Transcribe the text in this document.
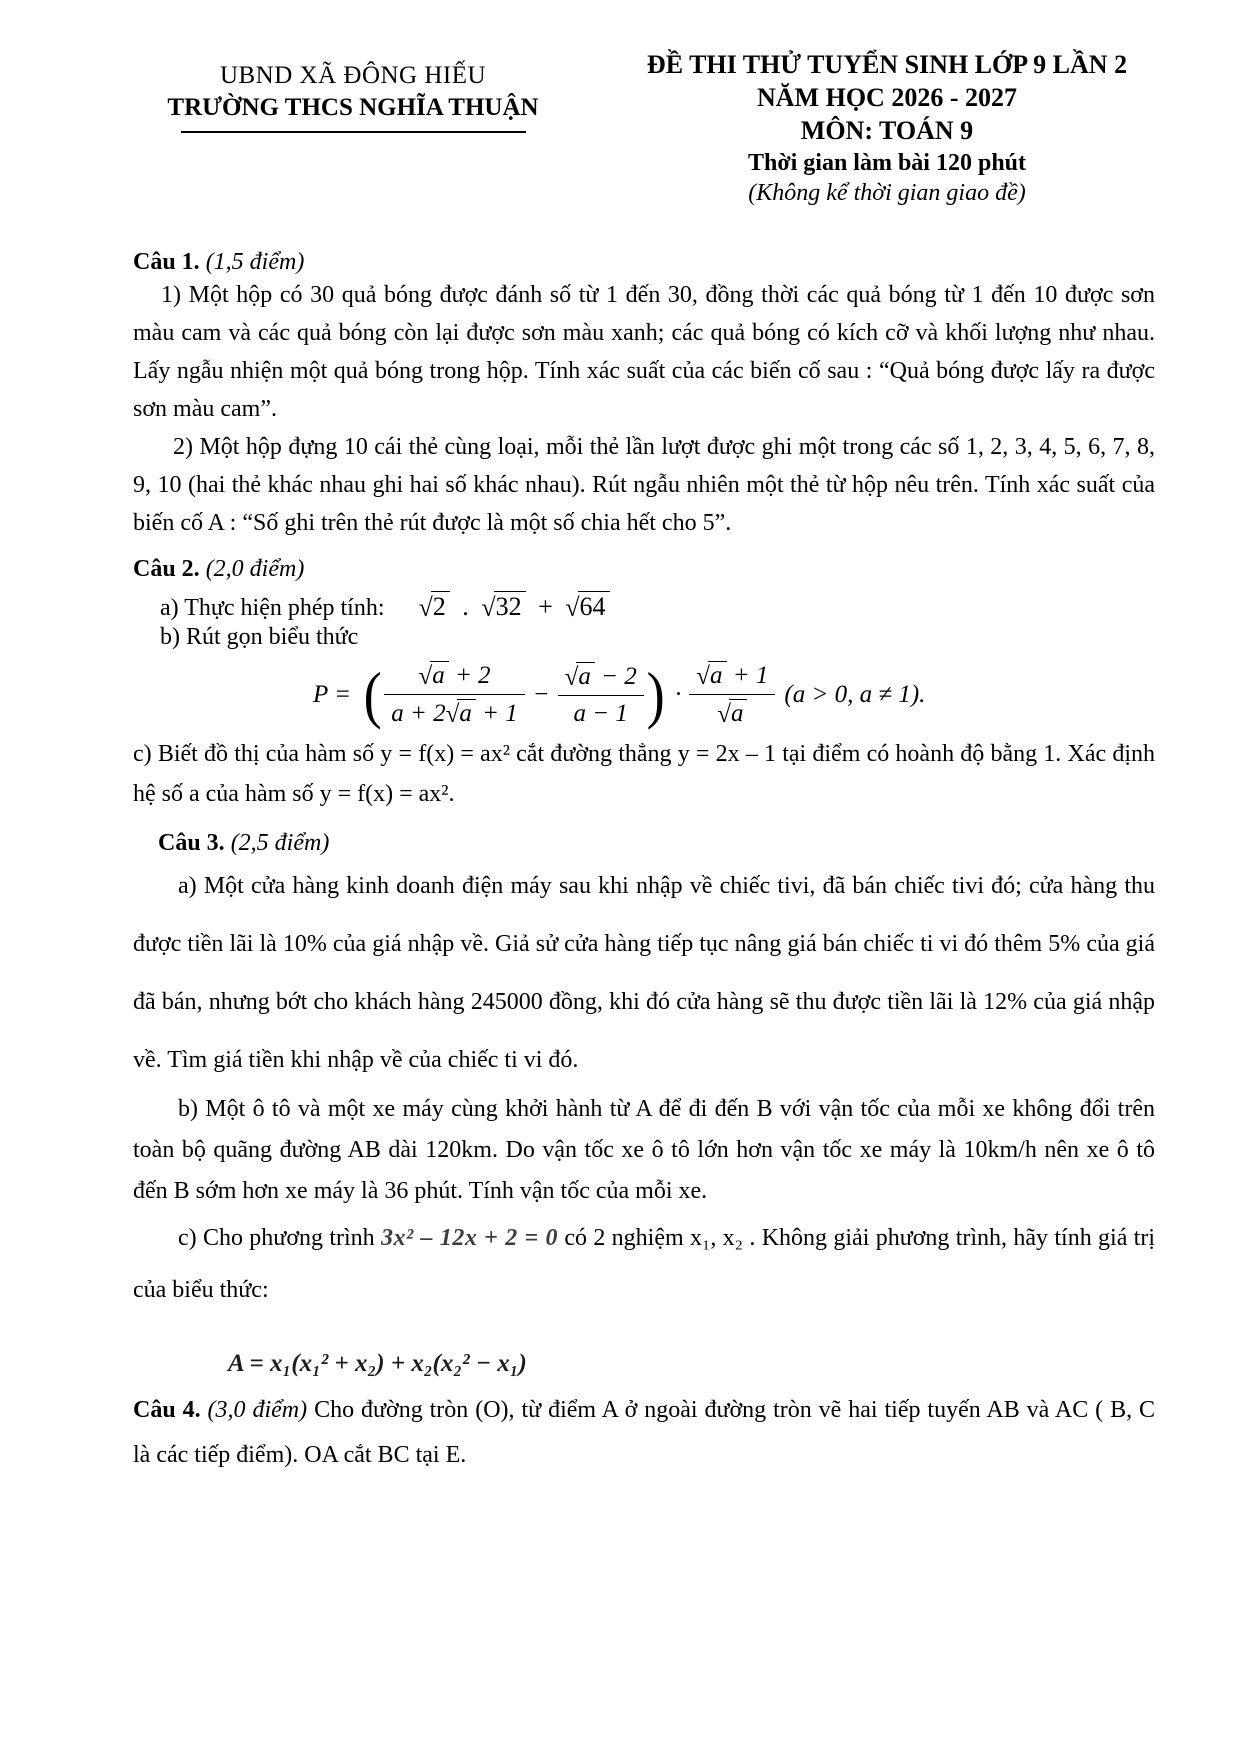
UBND XÃ ĐÔNG HIẾU
TRƯỜNG THCS NGHĨA THUẬN
ĐỀ THI THỬ TUYỂN SINH LỚP 9 LẦN 2
NĂM HỌC 2026 - 2027
MÔN: TOÁN 9
Thời gian làm bài 120 phút
(Không kể thời gian giao đề)
Câu 1. (1,5 điểm)

1) Một hộp có 30 quả bóng được đánh số từ 1 đến 30, đồng thời các quả bóng từ 1 đến 10 được sơn màu cam và các quả bóng còn lại được sơn màu xanh; các quả bóng có kích cỡ và khối lượng như nhau. Lấy ngẫu nhiện một quả bóng trong hộp. Tính xác suất của các biến cố sau : “Quả bóng được lấy ra được sơn màu cam”.

2) Một hộp đựng 10 cái thẻ cùng loại, mỗi thẻ lần lượt được ghi một trong các số 1, 2, 3, 4, 5, 6, 7, 8, 9, 10 (hai thẻ khác nhau ghi hai số khác nhau). Rút ngẫu nhiên một thẻ từ hộp nêu trên. Tính xác suất của biến cố A : “Số ghi trên thẻ rút được là một số chia hết cho 5”.

Câu 2. (2,0 điểm)
a) Thực hiện phép tính: √2 . √32 + √64
b) Rút gọn biểu thức
P = ( $\frac{√a + 2}{a + 2√a + 1} - \frac{√a - 2}{a - 1}$ ) · $\frac{√a + 1}{√a} (a > 0$, a ≠ 1).

c) Biết đồ thị của hàm số y = f(x) = ax² cắt đường thẳng y = 2x – 1 tại điểm có hoành độ bằng 1. Xác định hệ số a của hàm số y = f(x) = ax².

Câu 3. (2,5 điểm)

a) Một cửa hàng kinh doanh điện máy sau khi nhập về chiếc tivi, đã bán chiếc tivi đó; cửa hàng thu được tiền lãi là 10% của giá nhập về. Giả sử cửa hàng tiếp tục nâng giá bán chiếc ti vi đó thêm 5% của giá đã bán, nhưng bớt cho khách hàng 245000 đồng, khi đó cửa hàng sẽ thu được tiền lãi là 12% của giá nhập về. Tìm giá tiền khi nhập về của chiếc ti vi đó.

b) Một ô tô và một xe máy cùng khởi hành từ A để đi đến B với vận tốc của mỗi xe không đổi trên toàn bộ quãng đường AB dài 120km. Do vận tốc xe ô tô lớn hơn vận tốc xe máy là 10km/h nên xe ô tô đến B sớm hơn xe máy là 36 phút. Tính vận tốc của mỗi xe.

c) Cho phương trình 3x² – 12x + 2 = 0 có 2 nghiệm x₁, x₂ . Không giải phương trình, hãy tính giá trị của biểu thức:

A = x₁(x₁² + x₂) + x₂(x₂² − x₁)

Câu 4. (3,0 điểm) Cho đường tròn (O), từ điểm A ở ngoài đường tròn vẽ hai tiếp tuyến AB và AC ( B, C là các tiếp điểm). OA cắt BC tại E.
